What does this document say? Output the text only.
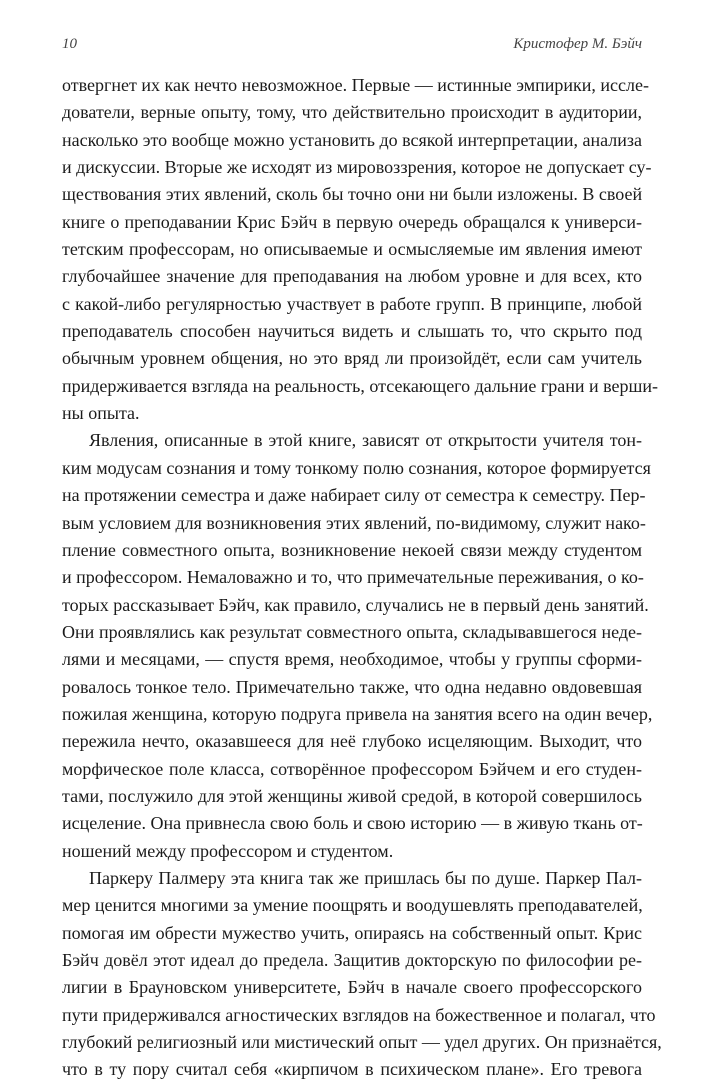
10	Кристофер М. Бэйч
отвергнет их как нечто невозможное. Первые — истинные эмпирики, иссле-
дователи, верные опыту, тому, что действительно происходит в аудитории,
насколько это вообще можно установить до всякой интерпретации, анализа
и дискуссии. Вторые же исходят из мировоззрения, которое не допускает су-
ществования этих явлений, сколь бы точно они ни были изложены. В своей
книге о преподавании Крис Бэйч в первую очередь обращался к универси-
тетским профессорам, но описываемые и осмысляемые им явления имеют
глубочайшее значение для преподавания на любом уровне и для всех, кто
с какой-либо регулярностью участвует в работе групп. В принципе, любой
преподаватель способен научиться видеть и слышать то, что скрыто под
обычным уровнем общения, но это вряд ли произойдёт, если сам учитель
придерживается взгляда на реальность, отсекающего дальние грани и верши-
ны опыта.
Явления, описанные в этой книге, зависят от открытости учителя тон-
ким модусам сознания и тому тонкому полю сознания, которое формируется
на протяжении семестра и даже набирает силу от семестра к семестру. Пер-
вым условием для возникновения этих явлений, по-видимому, служит нако-
пление совместного опыта, возникновение некоей связи между студентом
и профессором. Немаловажно и то, что примечательные переживания, о ко-
торых рассказывает Бэйч, как правило, случались не в первый день занятий.
Они проявлялись как результат совместного опыта, складывавшегося неде-
лями и месяцами, — спустя время, необходимое, чтобы у группы сформи-
ровалось тонкое тело. Примечательно также, что одна недавно овдовевшая
пожилая женщина, которую подруга привела на занятия всего на один вечер,
пережила нечто, оказавшееся для неё глубоко исцеляющим. Выходит, что
морфическое поле класса, сотворённое профессором Бэйчем и его студен-
тами, послужило для этой женщины живой средой, в которой совершилось
исцеление. Она привнесла свою боль и свою историю — в живую ткань от-
ношений между профессором и студентом.
Паркеру Палмеру эта книга так же пришлась бы по душе. Паркер Пал-
мер ценится многими за умение поощрять и воодушевлять преподавателей,
помогая им обрести мужество учить, опираясь на собственный опыт. Крис
Бэйч довёл этот идеал до предела. Защитив докторскую по философии ре-
лигии в Брауновском университете, Бэйч в начале своего профессорского
пути придерживался агностических взглядов на божественное и полагал, что
глубокий религиозный или мистический опыт — удел других. Он признаётся,
что в ту пору считал себя «кирпичом в психическом плане». Его тревога
